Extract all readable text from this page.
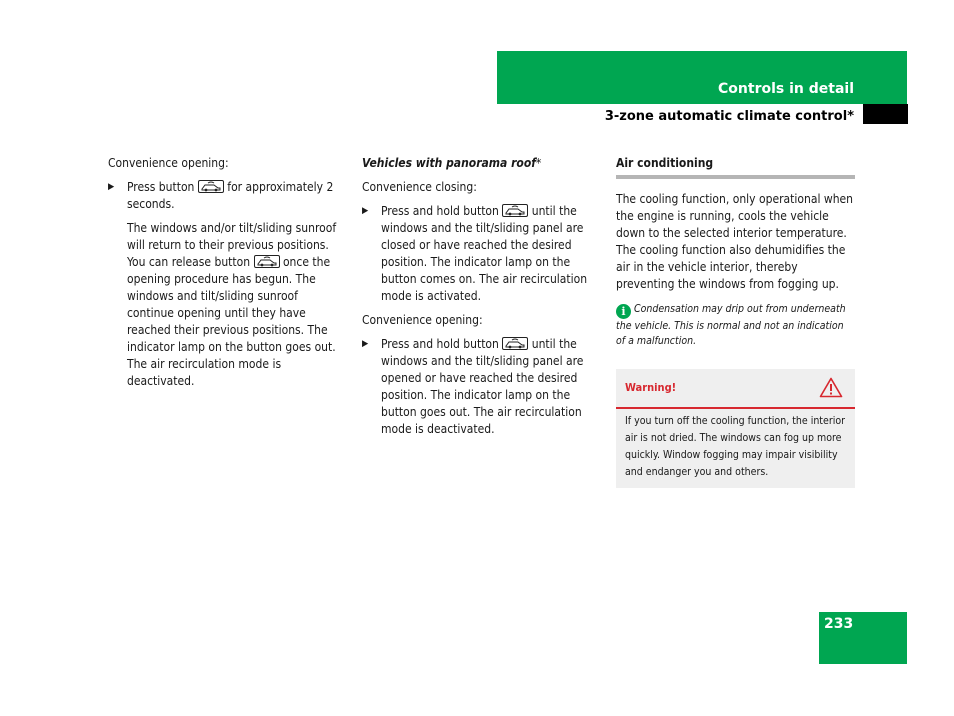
Controls in detail
3-zone automatic climate control*

Convenience opening:

▶ Press button
for approximately 2 seconds.
The windows and/or tilt/sliding sunroof will return to their previous positions. You can release button
once the opening procedure has begun. The windows and tilt/sliding sunroof continue opening until they have reached their previous positions. The indicator lamp on the button goes out. The air recirculation mode is deactivated.

Vehicles with panorama roof*

Convenience closing:

▶ Press and hold button
until the windows and the tilt/sliding panel are closed or have reached the desired position. The indicator lamp on the button comes on. The air recirculation mode is activated.

Convenience opening:

▶ Press and hold button
until the windows and the tilt/sliding panel are opened or have reached the desired position. The indicator lamp on the button goes out. The air recirculation mode is deactivated.
Air conditioning

The cooling function, only operational when the engine is running, cools the vehicle down to the selected interior temperature. The cooling function also dehumidifies the air in the vehicle interior, thereby preventing the windows from fogging up.

i Condensation may drip out from underneath the vehicle. This is normal and not an indication of a malfunction.

Warning!
If you turn off the cooling function, the interior air is not dried. The windows can fog up more quickly. Window fogging may impair visibility and endanger you and others.
233
